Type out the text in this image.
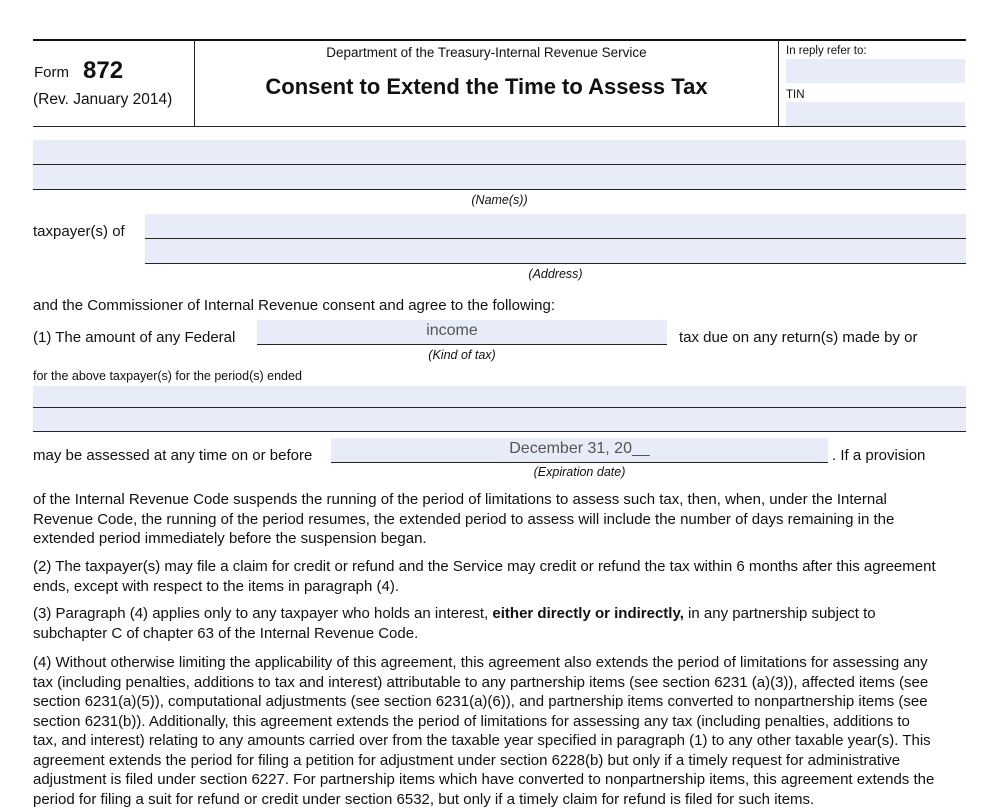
Form 872
(Rev. January 2014)
Department of the Treasury-Internal Revenue Service
Consent to Extend the Time to Assess Tax
In reply refer to:
TIN
(Name(s))
taxpayer(s) of
(Address)
and the Commissioner of Internal Revenue consent and agree to the following:
(1) The amount of any Federal	income
(Kind of tax)
tax due on any return(s) made by or
for the above taxpayer(s) for the period(s) ended
may be assessed at any time on or before	December 31, 20__
(Expiration date)
. If a provision
of the Internal Revenue Code suspends the running of the period of limitations to assess such tax, then, when, under the Internal Revenue Code, the running of the period resumes, the extended period to assess will include the number of days remaining in the extended period immediately before the suspension began.
(2) The taxpayer(s) may file a claim for credit or refund and the Service may credit or refund the tax within 6 months after this agreement ends, except with respect to the items in paragraph (4).
(3) Paragraph (4) applies only to any taxpayer who holds an interest, either directly or indirectly, in any partnership subject to subchapter C of chapter 63 of the Internal Revenue Code.
(4) Without otherwise limiting the applicability of this agreement, this agreement also extends the period of limitations for assessing any tax (including penalties, additions to tax and interest) attributable to any partnership items (see section 6231 (a)(3)), affected items (see section 6231(a)(5)), computational adjustments (see section 6231(a)(6)), and partnership items converted to nonpartnership items (see section 6231(b)). Additionally, this agreement extends the period of limitations for assessing any tax (including penalties, additions to tax, and interest) relating to any amounts carried over from the taxable year specified in paragraph (1) to any other taxable year(s). This agreement extends the period for filing a petition for adjustment under section 6228(b) but only if a timely request for administrative adjustment is filed under section 6227. For partnership items which have converted to nonpartnership items, this agreement extends the period for filing a suit for refund or credit under section 6532, but only if a timely claim for refund is filed for such items.
